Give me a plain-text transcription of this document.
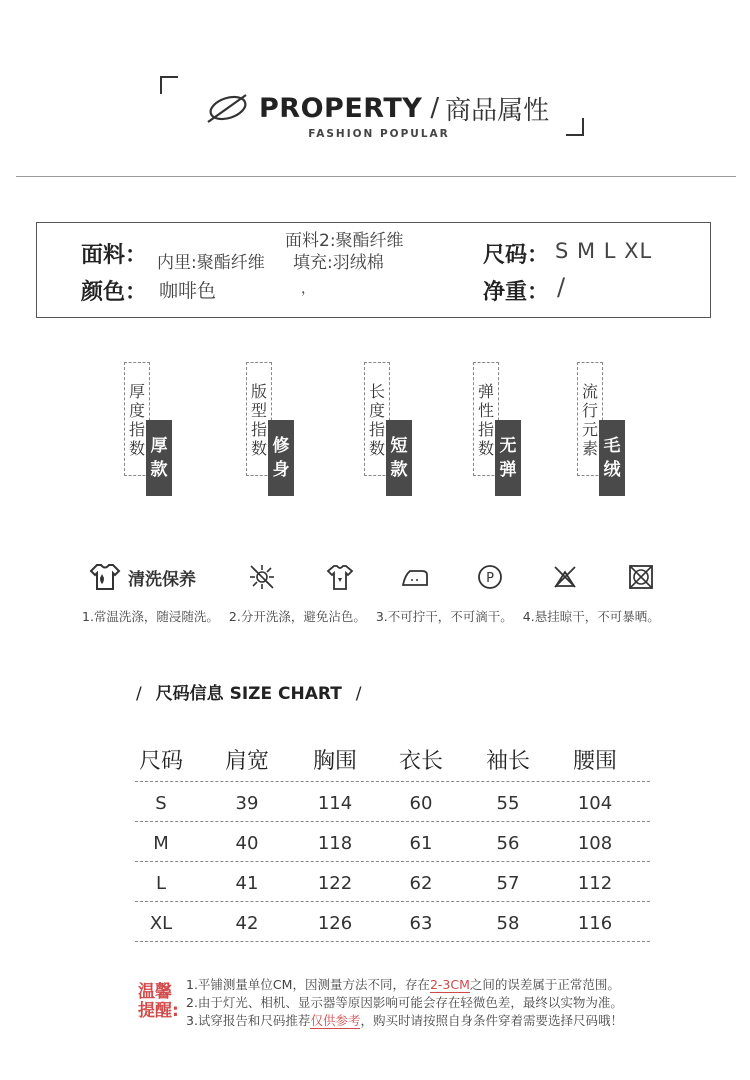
PROPERTY / 商品属性
FASHION POPULAR
面料：
面料2:聚酯纤维
内里:聚酯纤维 填充:羽绒棉	尺码： S M L XL
颜色： 咖啡色	，	净重： /
厚度指数 厚款
版型指数 修身
长度指数 短款
弹性指数 无弹
流行元素 毛绒
清洗保养	P
1.常温洗涤，随浸随洗。 2.分开洗涤，避免沾色。 3.不可拧干，不可滴干。 4.悬挂晾干，不可暴晒。
/ 尺码信息 SIZE CHART /
尺码	肩宽	胸围	衣长	袖长	腰围
S	39	114	60	55	104
M	40	118	61	56	108
L	41	122	62	57	112
XL	42	126	63	58	116
温馨提醒:
1.平铺测量单位CM，因测量方法不同，存在2-3CM之间的误差属于正常范围。
2.由于灯光、相机、显示器等原因影响可能会存在轻微色差，最终以实物为准。
3.试穿报告和尺码推荐仅供参考，购买时请按照自身条件穿着需要选择尺码哦！
